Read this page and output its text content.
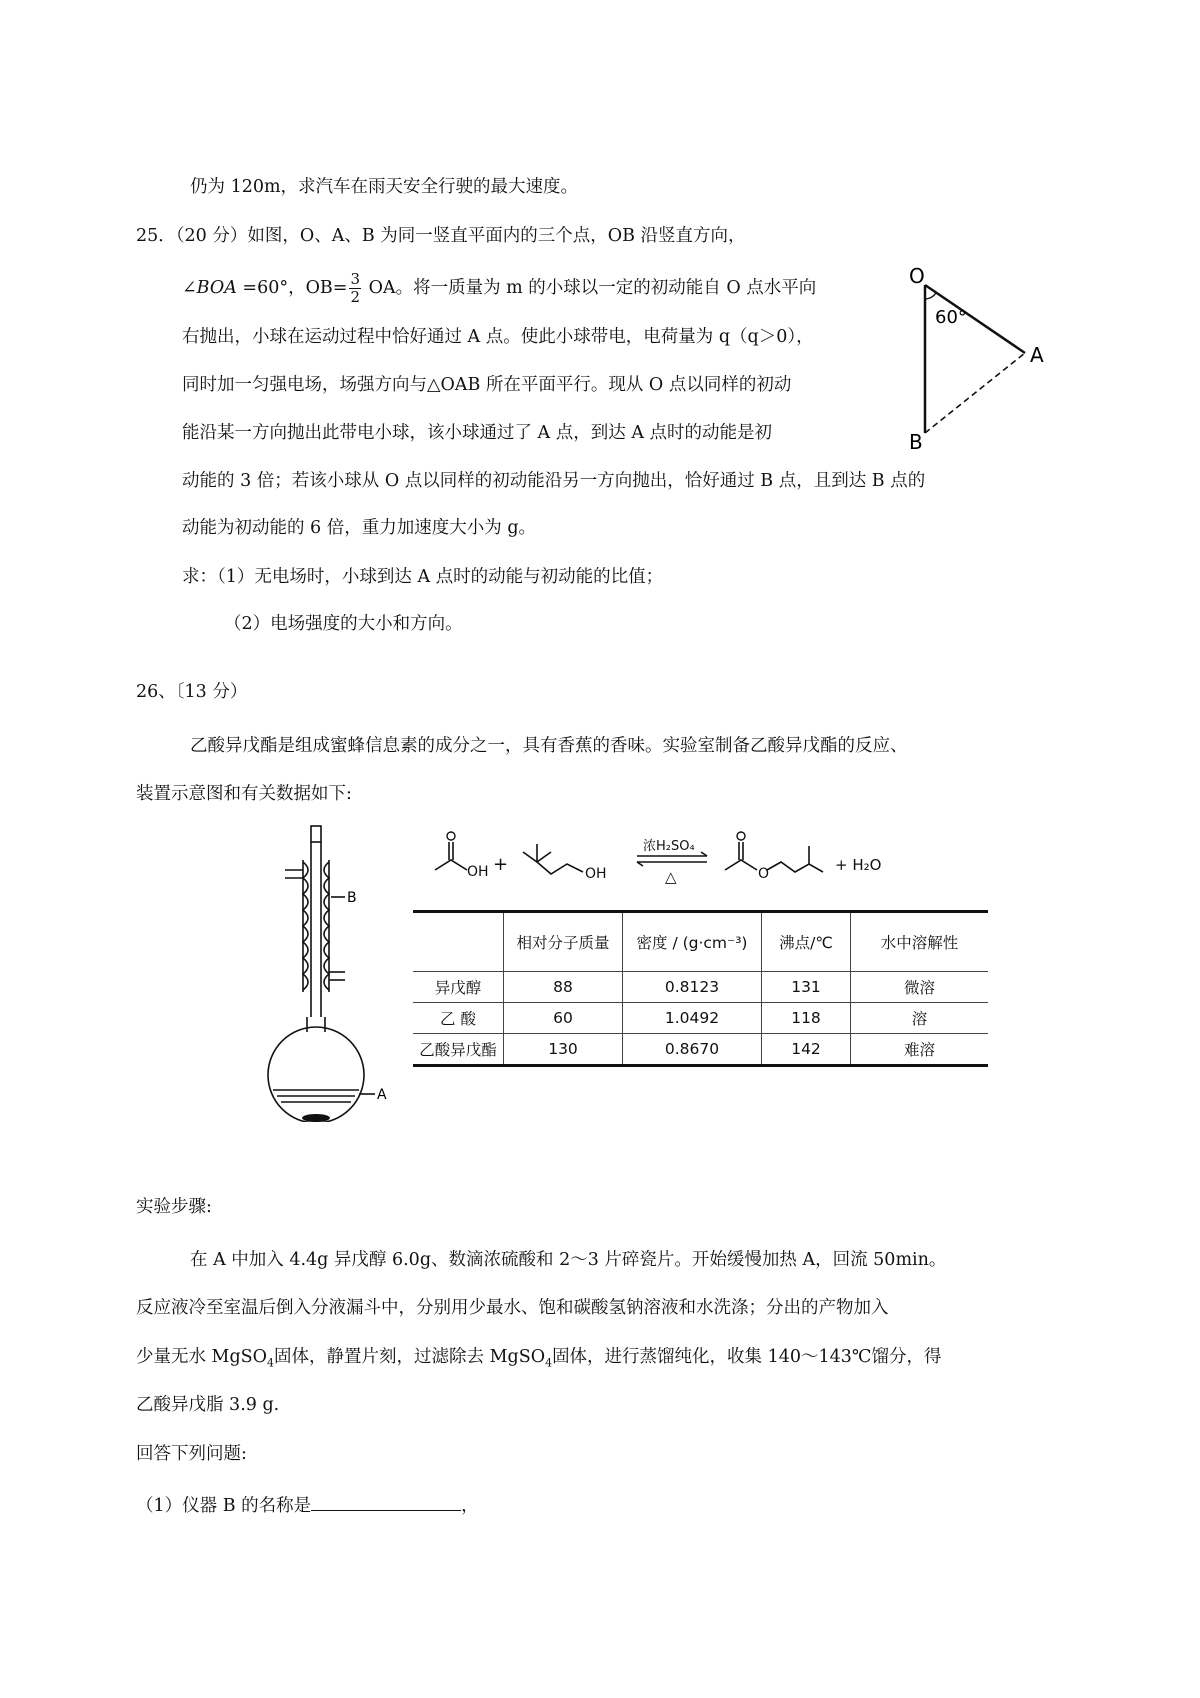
仍为 120m，求汽车在雨天安全行驶的最大速度。
25．（20 分）如图，O、A、B 为同一竖直平面内的三个点，OB 沿竖直方向，
∠BOA =60°，$OB= \frac{3}{2}$ OA。将一质量为 m 的小球以一定的初动能自 O 点水平向
右抛出，小球在运动过程中恰好通过 A 点。使此小球带电，电荷量为 q（q＞0），
同时加一匀强电场，场强方向与△OAB 所在平面平行。现从 O 点以同样的初动
能沿某一方向抛出此带电小球，该小球通过了 A 点，到达 A 点时的动能是初
动能的 3 倍；若该小球从 O 点以同样的初动能沿另一方向抛出，恰好通过 B 点，且到达 B 点的
动能为初动能的 6 倍，重力加速度大小为 g。
求：（1）无电场时，小球到达 A 点时的动能与初动能的比值；
（2）电场强度的大小和方向。
O
A
B
60°
26、〔13 分）
乙酸异戊酯是组成蜜蜂信息素的成分之一，具有香蕉的香味。实验室制备乙酸异戊酯的反应、
装置示意图和有关数据如下:
B
A
OH +	OH
浓H₂SO₄
△	O	+ H₂O
	相对分子质量	密度 / (g·cm⁻³)	沸点/℃	水中溶解性
异戊醇	88	0.8123	131	微溶
乙 酸	60	1.0492	118	溶
乙酸异戊酯	130	0.8670	142	难溶
实验步骤:
在 A 中加入 4.4g 异戊醇 6.0g、数滴浓硫酸和 2～3 片碎瓷片。开始缓慢加热 A，回流 50min。
反应液冷至室温后倒入分液漏斗中，分别用少最水、饱和碳酸氢钠溶液和水洗涤；分出的产物加入
少量无水 MgSO$_4$固体，静置片刻，过滤除去 MgSO$_4$固体，进行蒸馏纯化，收集 140～143℃馏分，得
乙酸异戊脂 3.9 g.
回答下列问题:
（1）仪器 B 的名称是	，
